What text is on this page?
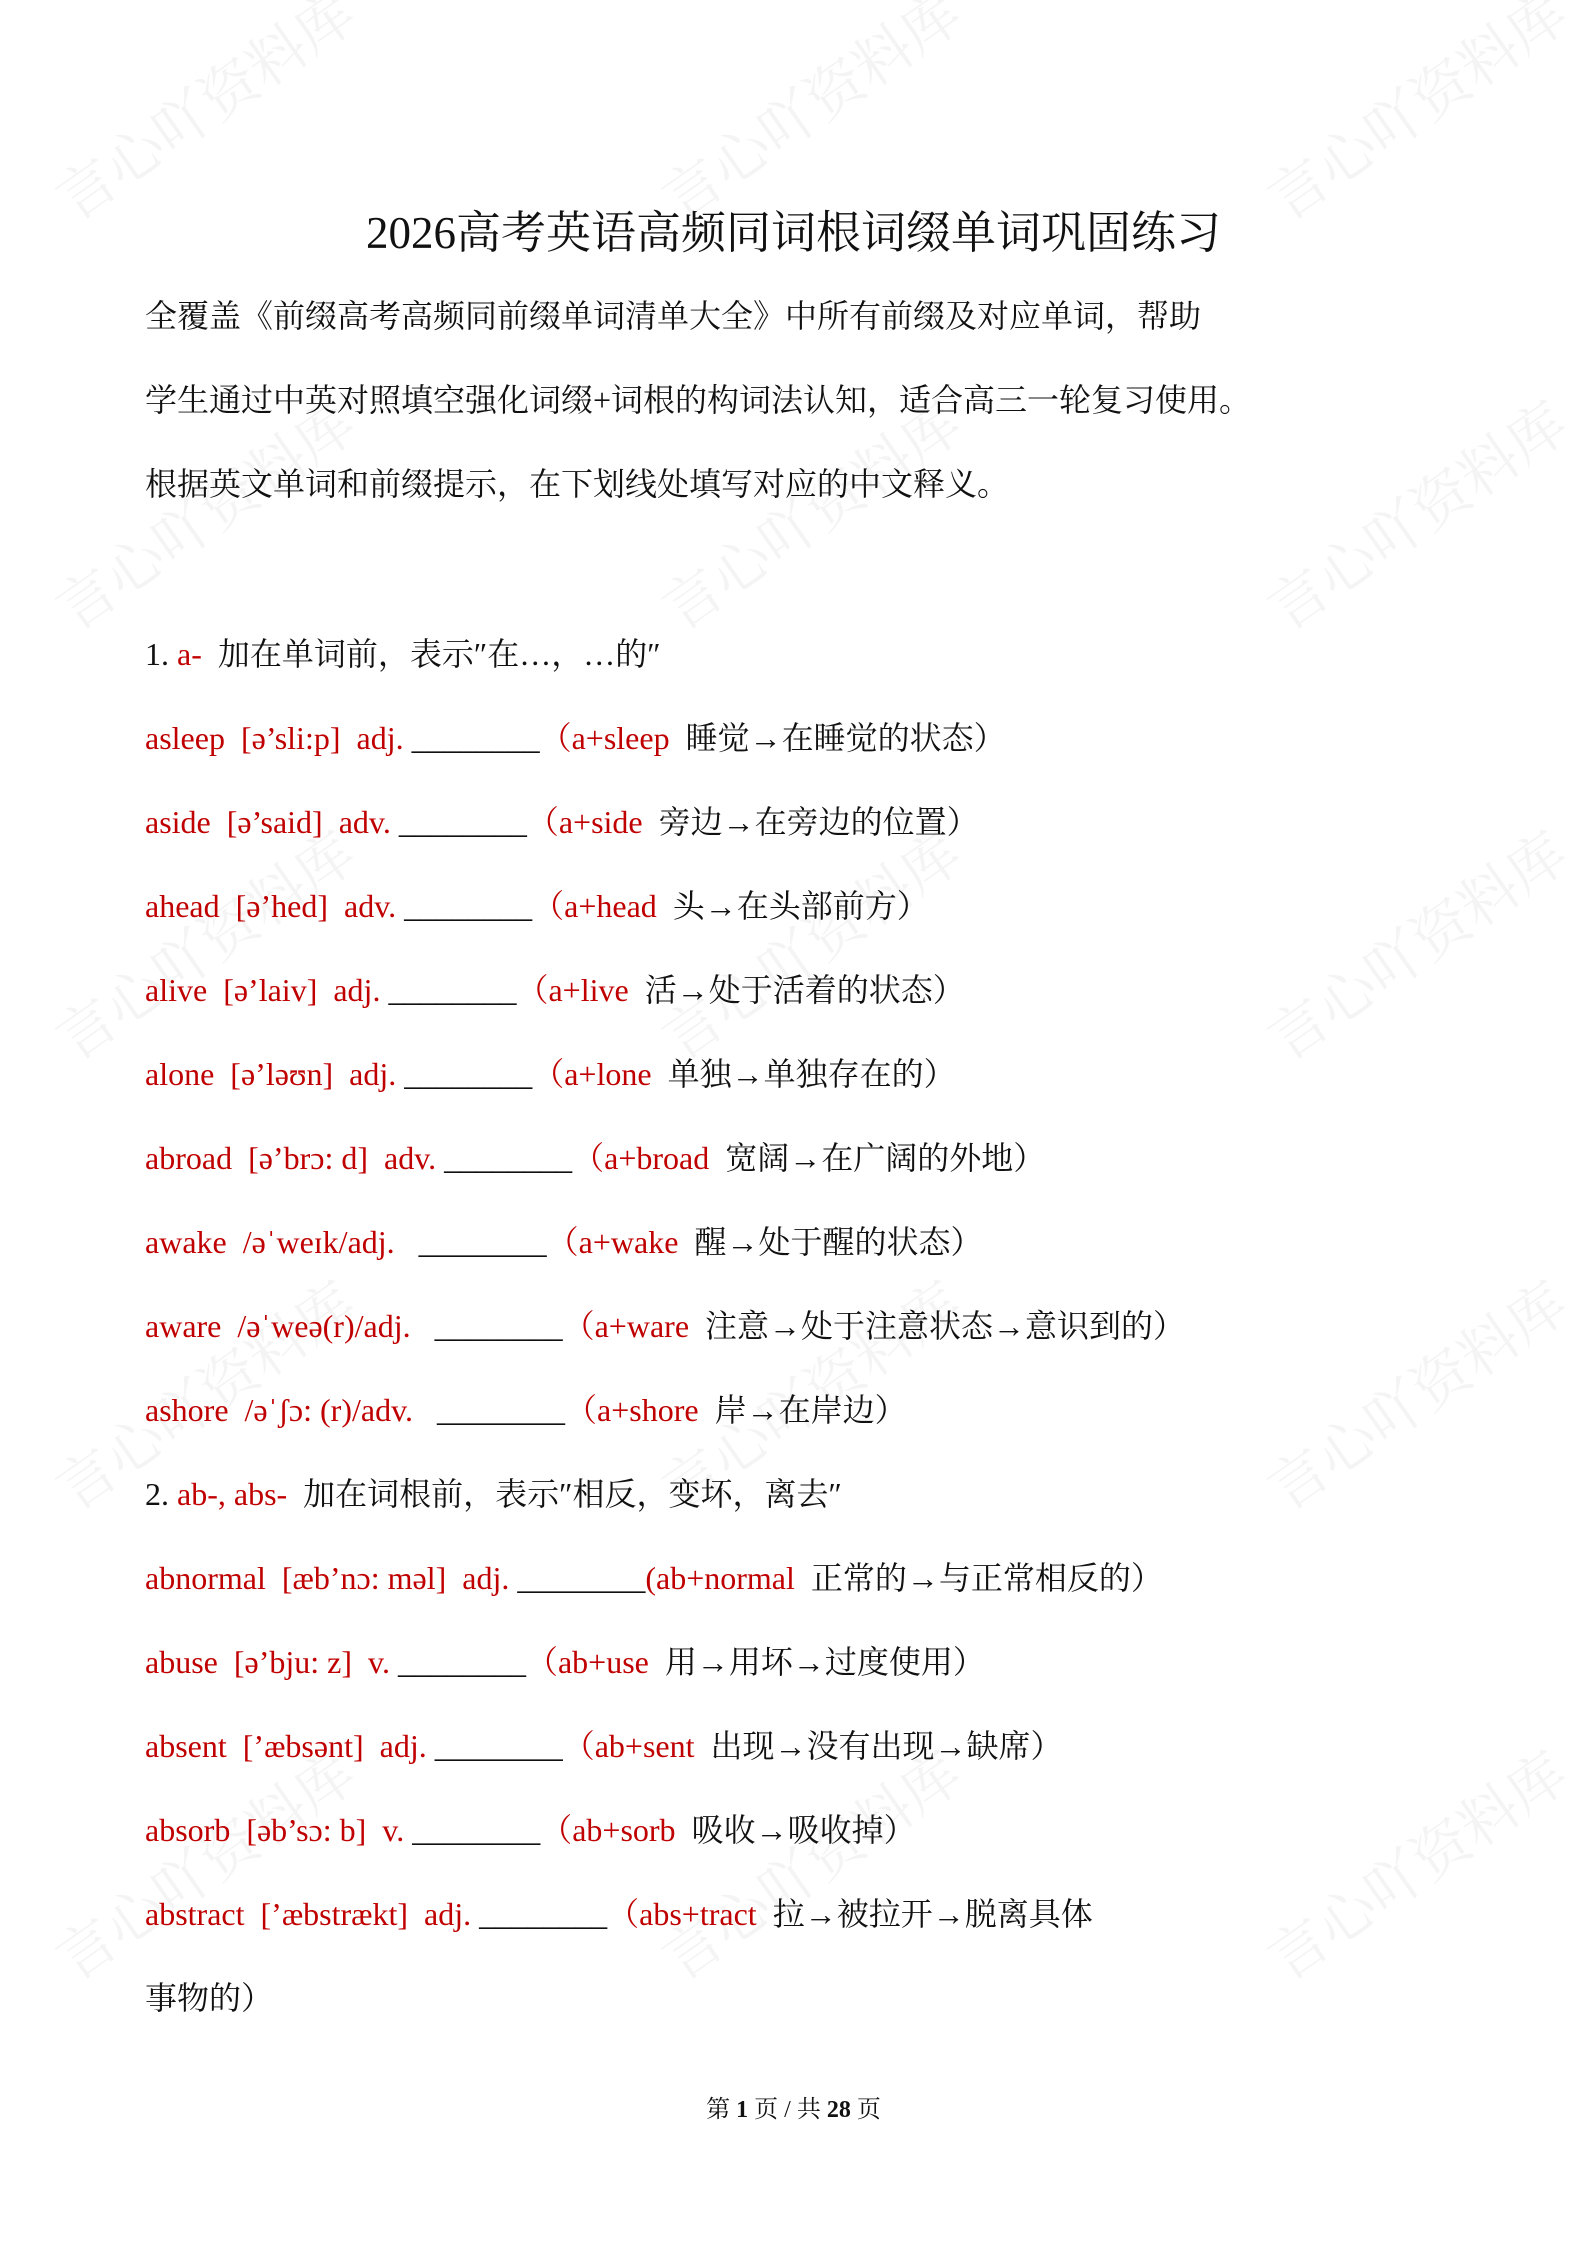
2026高考英语高频同词根词缀单词巩固练习
全覆盖《前缀高考高频同前缀单词清单大全》中所有前缀及对应单词，帮助
学生通过中英对照填空强化词缀+词根的构词法认知，适合高三一轮复习使用。
根据英文单词和前缀提示，在下划线处填写对应的中文释义。
1. a- 加在单词前，表示″在…，…的″
asleep [ə’sli:p] adj. ________（a+sleep 睡觉→在睡觉的状态）
aside [ə’said] adv. ________（a+side 旁边→在旁边的位置）
ahead [ə’hed] adv. ________（a+head 头→在头部前方）
alive [ə’laiv] adj. ________（a+live 活→处于活着的状态）
alone [ə’ləʊn] adj. ________（a+lone 单独→单独存在的）
abroad [ə’brɔ: d] adv. ________（a+broad 宽阔→在广阔的外地）
awake /əˈweɪk/adj. ________（a+wake 醒→处于醒的状态）
aware /əˈweə(r)/adj. ________（a+ware 注意→处于注意状态→意识到的）
ashore /əˈʃɔ: (r)/adv. ________（a+shore 岸→在岸边）
2. ab-, abs- 加在词根前，表示″相反，变坏，离去″
abnormal [æb’nɔ: məl] adj. ________(ab+normal 正常的→与正常相反的）
abuse [ə’bju: z] v. ________（ab+use 用→用坏→过度使用）
absent [’æbsənt] adj. ________（ab+sent 出现→没有出现→缺席）
absorb [əb’sɔ: b] v. ________（ab+sorb 吸收→吸收掉）
abstract [’æbstrækt] adj. ________（abs+tract 拉→被拉开→脱离具体
事物的）
第 1 页 / 共 28 页
